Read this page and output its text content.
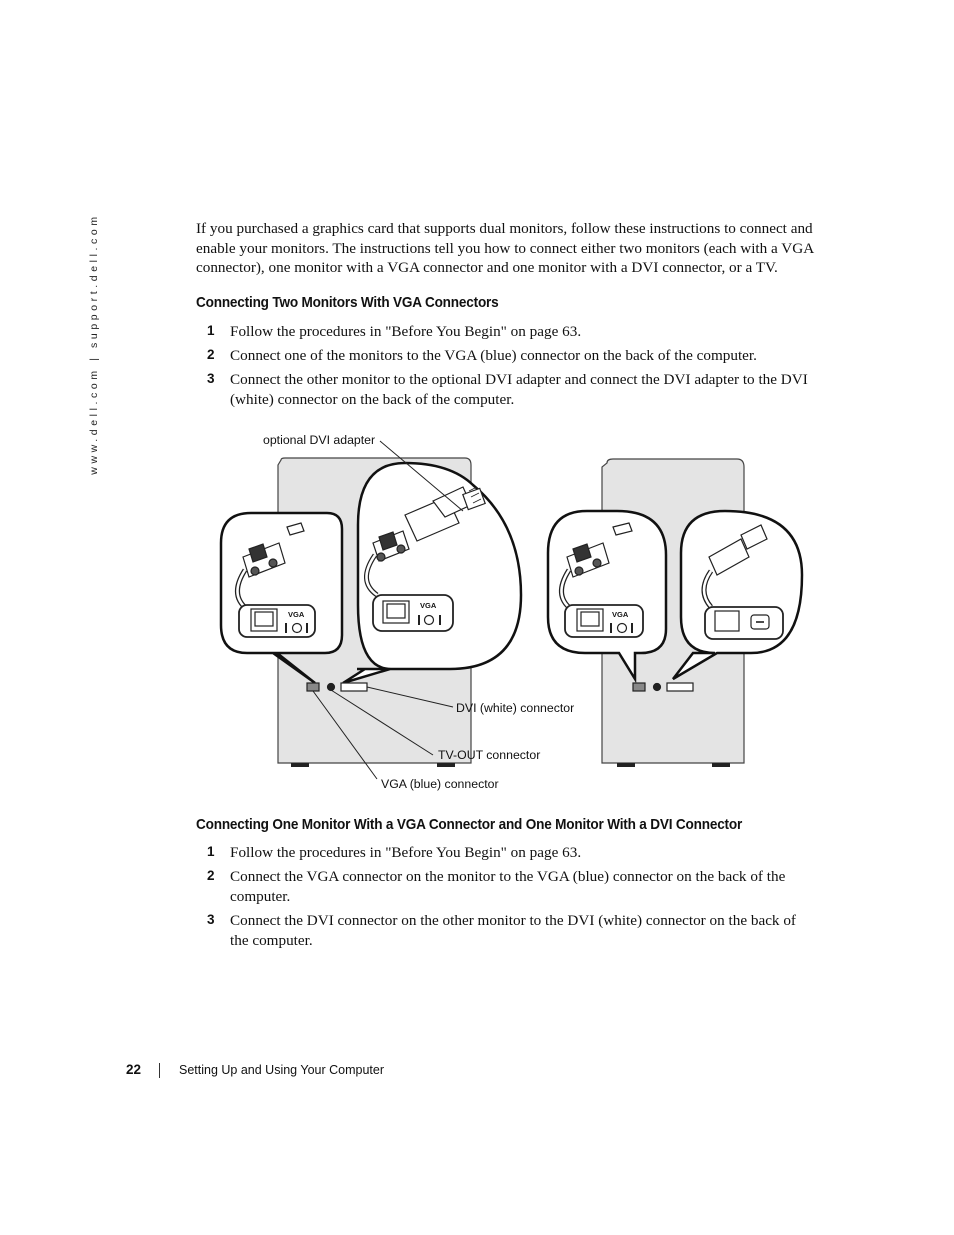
www.dell.com | support.dell.com	If you purchased a graphics card that supports dual monitors, follow these instructions to connect and enable your monitors. The instructions tell you how to connect either two monitors (each with a VGA connector), one monitor with a VGA connector and one monitor with a DVI connector, or a TV.
Connecting Two Monitors With VGA Connectors
1 Follow the procedures in "Before You Begin" on page 63.
2 Connect one of the monitors to the VGA (blue) connector on the back of the computer.
3 Connect the other monitor to the optional DVI adapter and connect the DVI adapter to the DVI (white) connector on the back of the computer.
VGA
VGA
VGA
optional DVI adapter
DVI (white) connector
TV-OUT connector
VGA (blue) connector
Connecting One Monitor With a VGA Connector and One Monitor With a DVI Connector
1 Follow the procedures in "Before You Begin" on page 63.
2 Connect the VGA connector on the monitor to the VGA (blue) connector on the back of the computer.
3 Connect the DVI connector on the other monitor to the DVI (white) connector on the back of the computer.
22	Setting Up and Using Your Computer
